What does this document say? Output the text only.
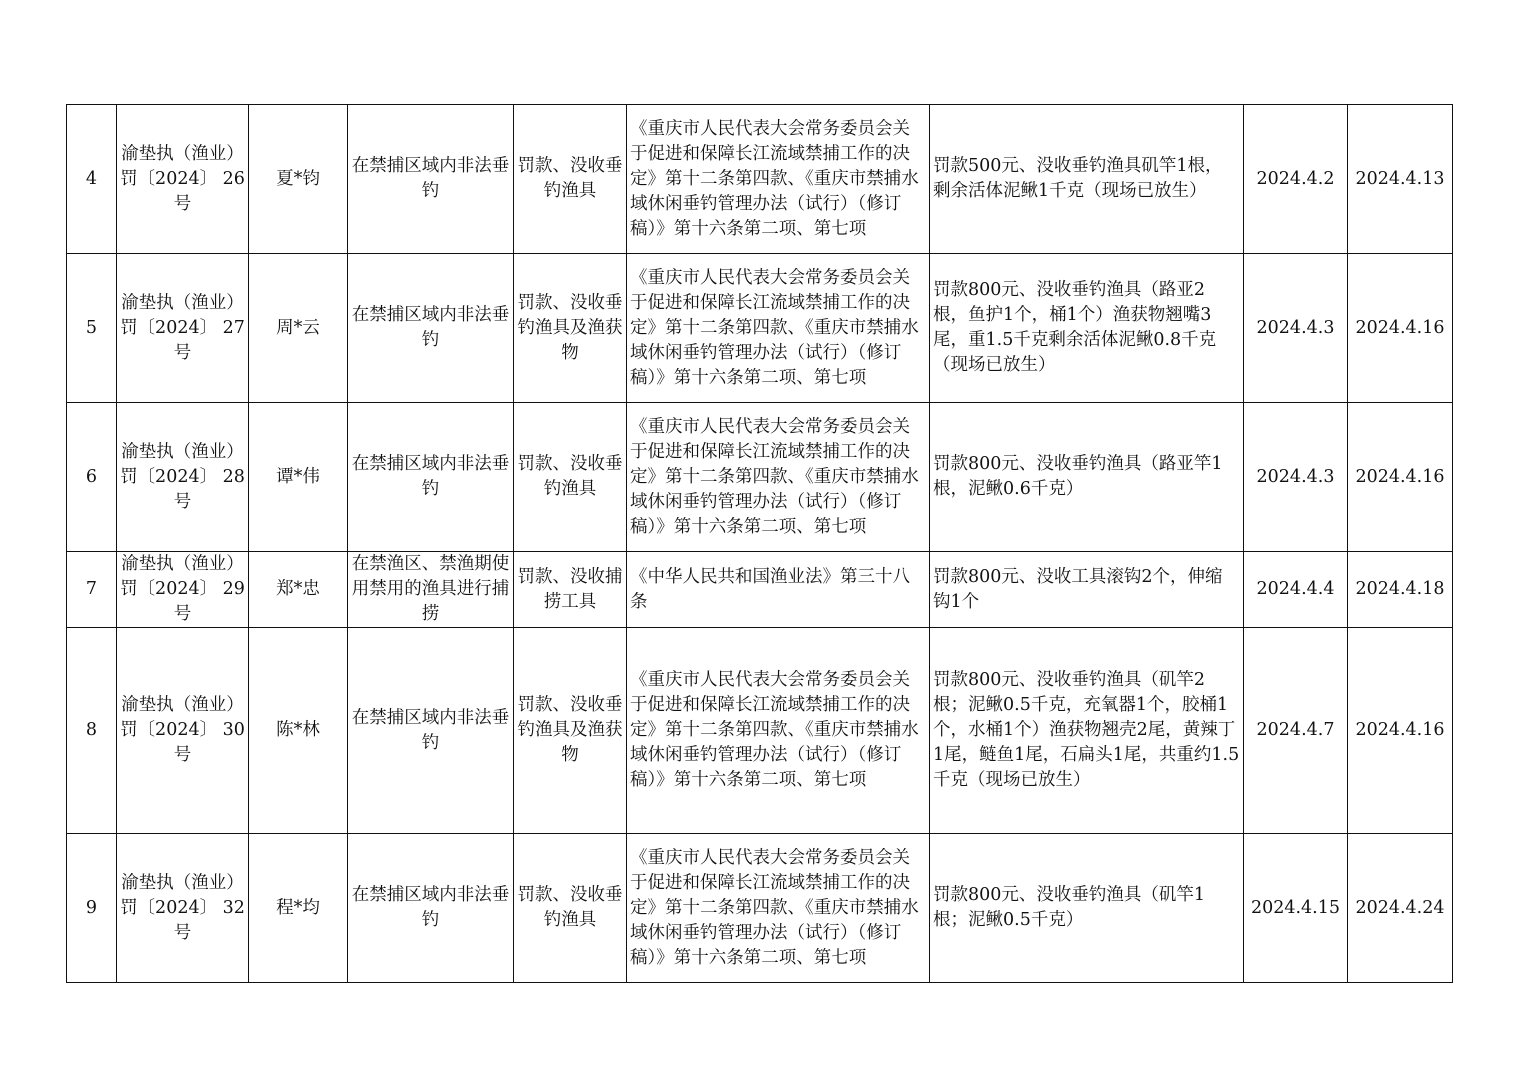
4	渝垫执（渔业）罚〔2024〕 26号	夏*钧	在禁捕区域内非法垂钓	罚款、没收垂钓渔具	《重庆市人民代表大会常务委员会关于促进和保障长江流域禁捕工作的决定》第十二条第四款、《重庆市禁捕水域休闲垂钓管理办法（试行）（修订稿）》第十六条第二项、第七项	罚款500元、没收垂钓渔具矶竿1根，剩余活体泥鳅1千克（现场已放生）	2024.4.2	2024.4.13
5	渝垫执（渔业）罚〔2024〕 27号	周*云	在禁捕区域内非法垂钓	罚款、没收垂钓渔具及渔获物	《重庆市人民代表大会常务委员会关于促进和保障长江流域禁捕工作的决定》第十二条第四款、《重庆市禁捕水域休闲垂钓管理办法（试行）（修订稿）》第十六条第二项、第七项	罚款800元、没收垂钓渔具（路亚2根，鱼护1个，桶1个）渔获物翘嘴3尾，重1.5千克剩余活体泥鳅0.8千克（现场已放生）	2024.4.3	2024.4.16
6	渝垫执（渔业）罚〔2024〕 28号	谭*伟	在禁捕区域内非法垂钓	罚款、没收垂钓渔具	《重庆市人民代表大会常务委员会关于促进和保障长江流域禁捕工作的决定》第十二条第四款、《重庆市禁捕水域休闲垂钓管理办法（试行）（修订稿）》第十六条第二项、第七项	罚款800元、没收垂钓渔具（路亚竿1根，泥鳅0.6千克）	2024.4.3	2024.4.16
7	渝垫执（渔业）罚〔2024〕 29号	郑*忠	在禁渔区、禁渔期使用禁用的渔具进行捕捞	罚款、没收捕捞工具	《中华人民共和国渔业法》第三十八条	罚款800元、没收工具滚钩2个，伸缩钩1个	2024.4.4	2024.4.18
8	渝垫执（渔业）罚〔2024〕 30号	陈*林	在禁捕区域内非法垂钓	罚款、没收垂钓渔具及渔获物	《重庆市人民代表大会常务委员会关于促进和保障长江流域禁捕工作的决定》第十二条第四款、《重庆市禁捕水域休闲垂钓管理办法（试行）（修订稿）》第十六条第二项、第七项	罚款800元、没收垂钓渔具（矶竿2根；泥鳅0.5千克，充氧器1个，胶桶1个，水桶1个）渔获物翘壳2尾，黄辣丁1尾，鲢鱼1尾，石扁头1尾，共重约1.5千克（现场已放生）	2024.4.7	2024.4.16
9	渝垫执（渔业）罚〔2024〕 32号	程*均	在禁捕区域内非法垂钓	罚款、没收垂钓渔具	《重庆市人民代表大会常务委员会关于促进和保障长江流域禁捕工作的决定》第十二条第四款、《重庆市禁捕水域休闲垂钓管理办法（试行）（修订稿）》第十六条第二项、第七项	罚款800元、没收垂钓渔具（矶竿1根；泥鳅0.5千克）	2024.4.15	2024.4.24
